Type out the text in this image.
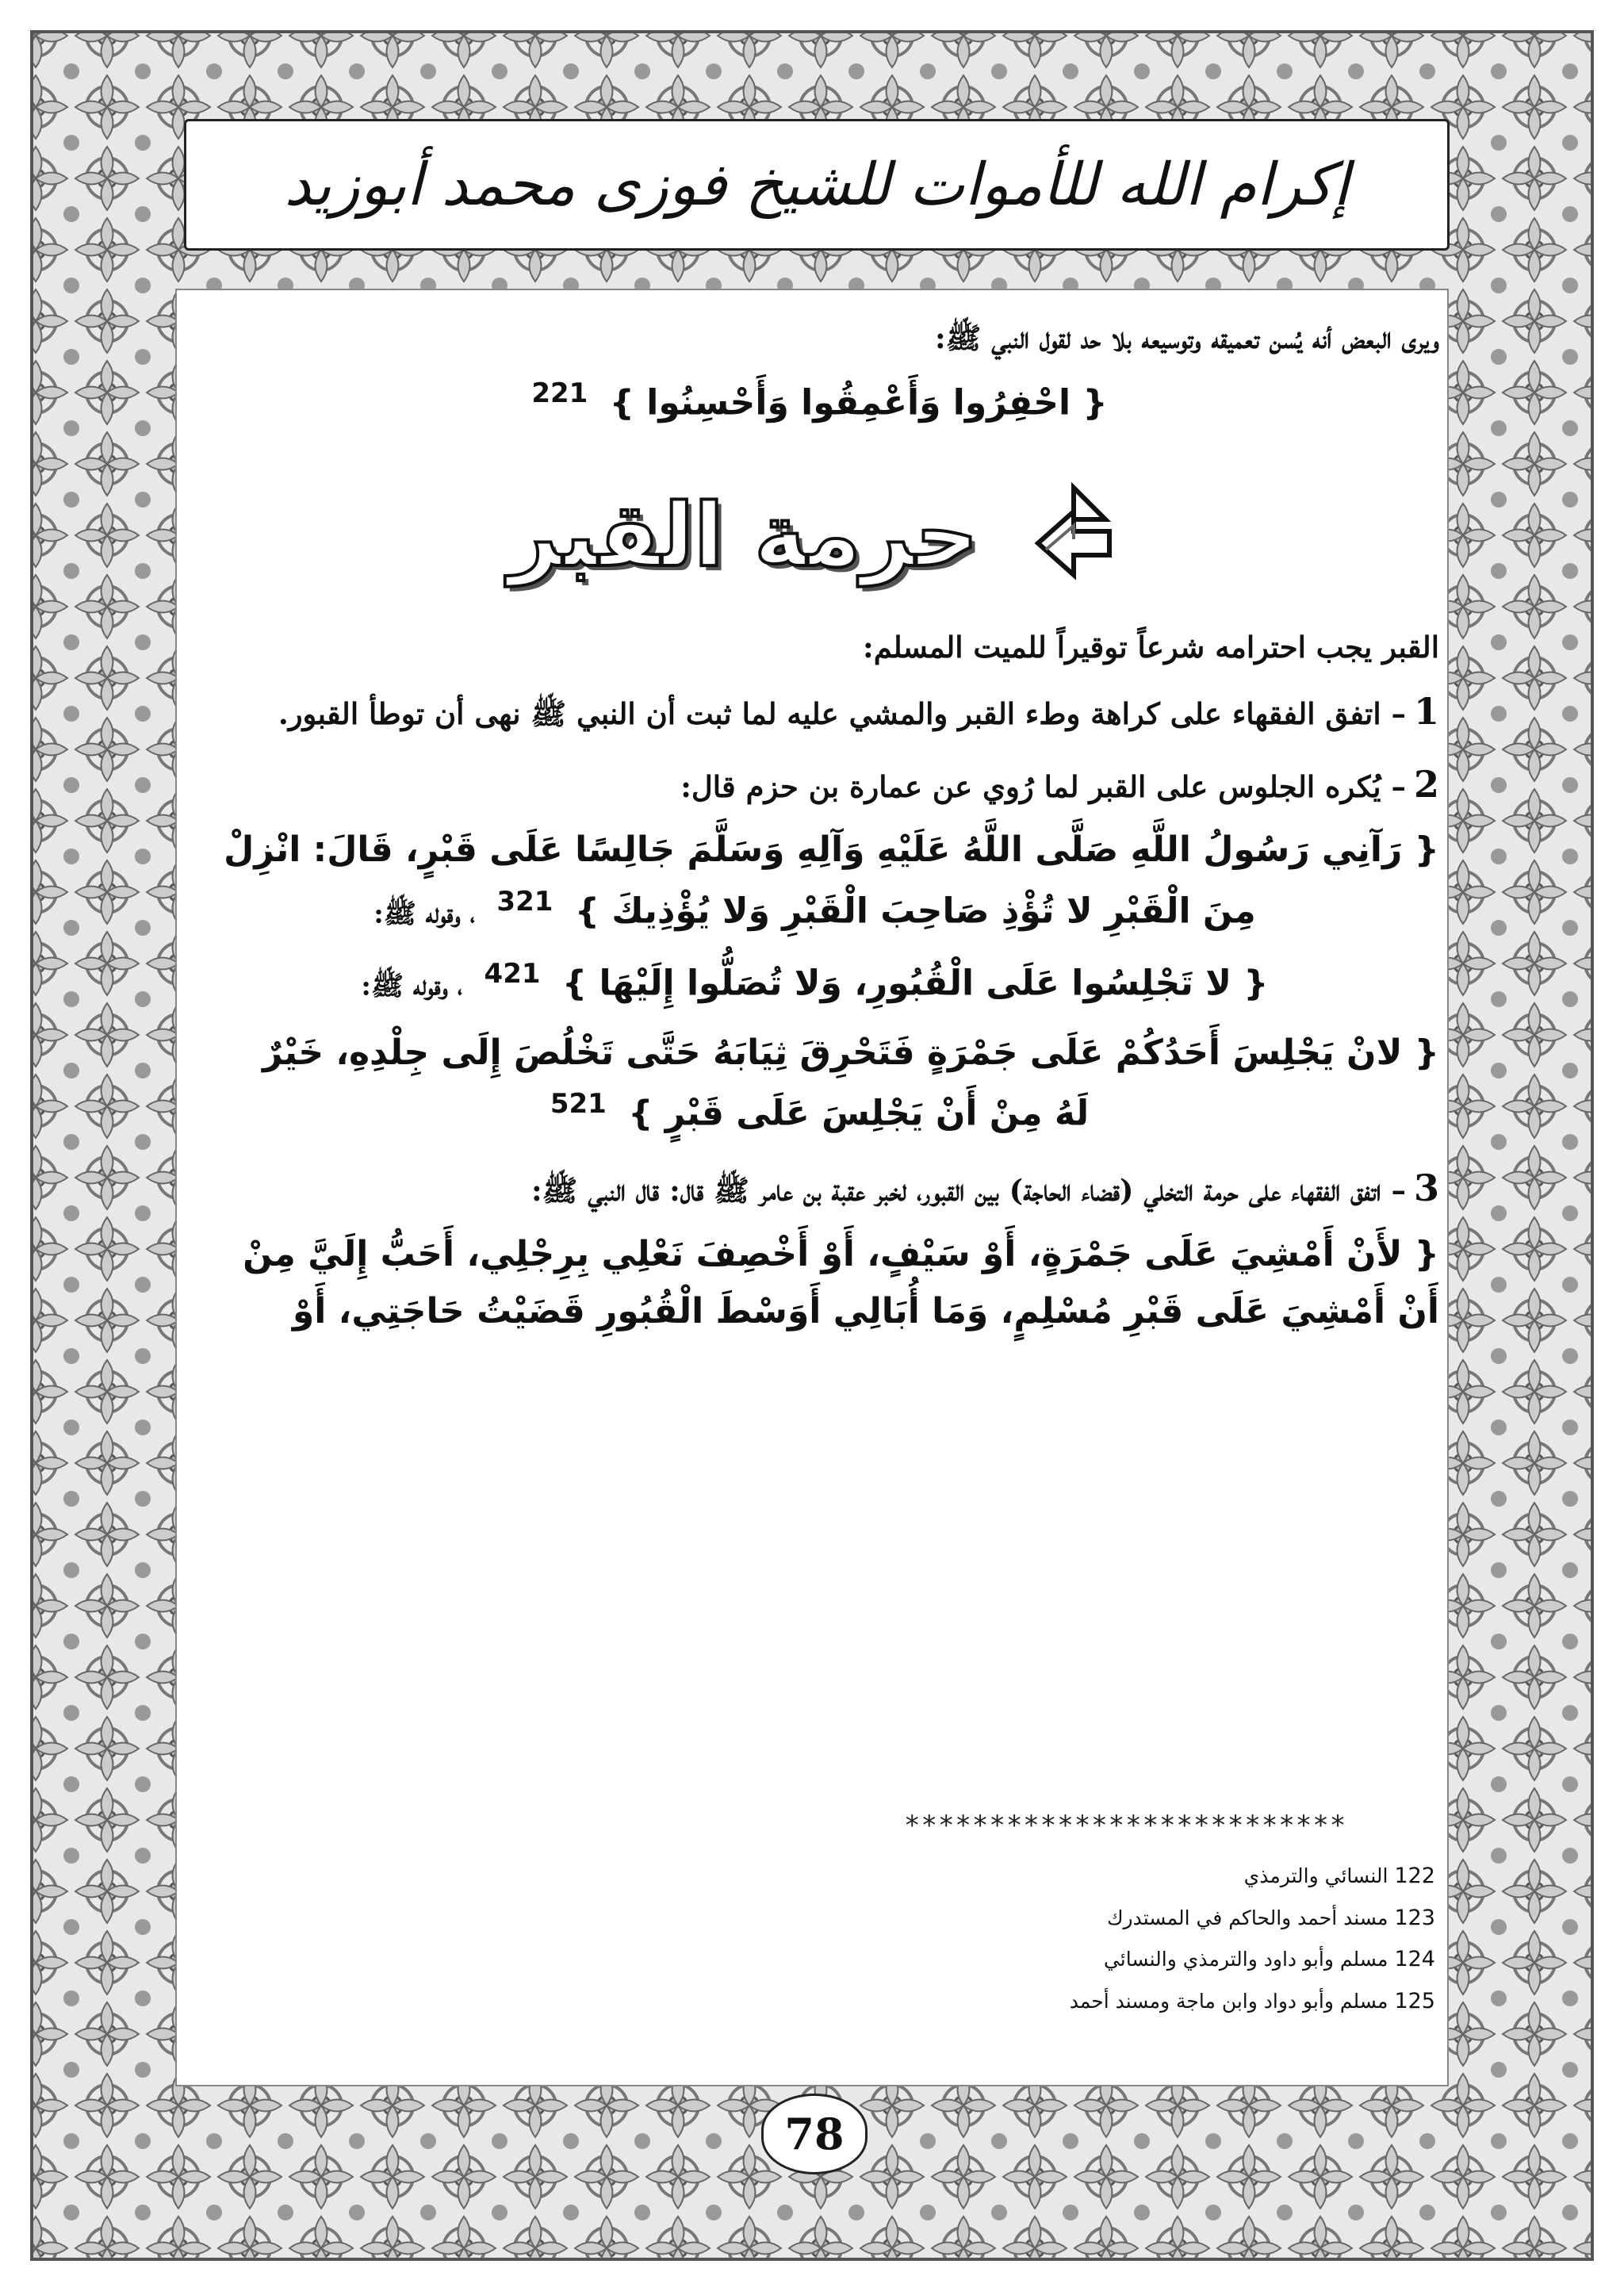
إكرام الله للأموات للشيخ فوزى محمد أبوزيد

ويرى البعض أنه يُسن تعميقه وتوسيعه بلا حد لقول النبي ﷺ:

{ احْفِرُوا وَأَعْمِقُوا وَأَحْسِنُوا } $^{221}$

حرمة القبر

القبر يجب احترامه شرعاً توقيراً للميت المسلم:

1– اتفق الفقهاء على كراهة وطء القبر والمشي عليه لما ثبت أن النبي ﷺ نهى أن توطأ القبور.

2– يُكره الجلوس على القبر لما رُوي عن عمارة بن حزم قال:

{ رَآنِي رَسُولُ اللَّهِ صَلَّى اللَّهُ عَلَيْهِ وَآلِهِ وَسَلَّمَ جَالِسًا عَلَى قَبْرٍ، قَالَ: انْزِلْ

مِنَ الْقَبْرِ لا تُؤْذِ صَاحِبَ الْقَبْرِ وَلا يُؤْذِيكَ } $^{321}$ ، وقوله ﷺ:

{ لا تَجْلِسُوا عَلَى الْقُبُورِ، وَلا تُصَلُّوا إِلَيْهَا } $^{421}$ ، وقوله ﷺ:

{ لانْ يَجْلِسَ أَحَدُكُمْ عَلَى جَمْرَةٍ فَتَحْرِقَ ثِيَابَهُ حَتَّى تَخْلُصَ إِلَى جِلْدِهِ، خَيْرٌ

لَهُ مِنْ أَنْ يَجْلِسَ عَلَى قَبْرٍ } $^{521}$

3– اتفق الفقهاء على حرمة التخلي (قضاء الحاجة) بين القبور، لخبر عقبة بن عامر ﷺ قال: قال النبي ﷺ:

{ لأَنْ أَمْشِيَ عَلَى جَمْرَةٍ، أَوْ سَيْفٍ، أَوْ أَخْصِفَ نَعْلِي بِرِجْلِي، أَحَبُّ إِلَيَّ مِنْ

أَنْ أَمْشِيَ عَلَى قَبْرِ مُسْلِمٍ، وَمَا أُبَالِي أَوَسْطَ الْقُبُورِ قَضَيْتُ حَاجَتِي، أَوْ

**************************
122النسائي والترمذي
123مسند أحمد والحاكم في المستدرك
124مسلم وأبو داود والترمذي والنسائي
125مسلم وأبو دواد وابن ماجة ومسند أحمد
78
